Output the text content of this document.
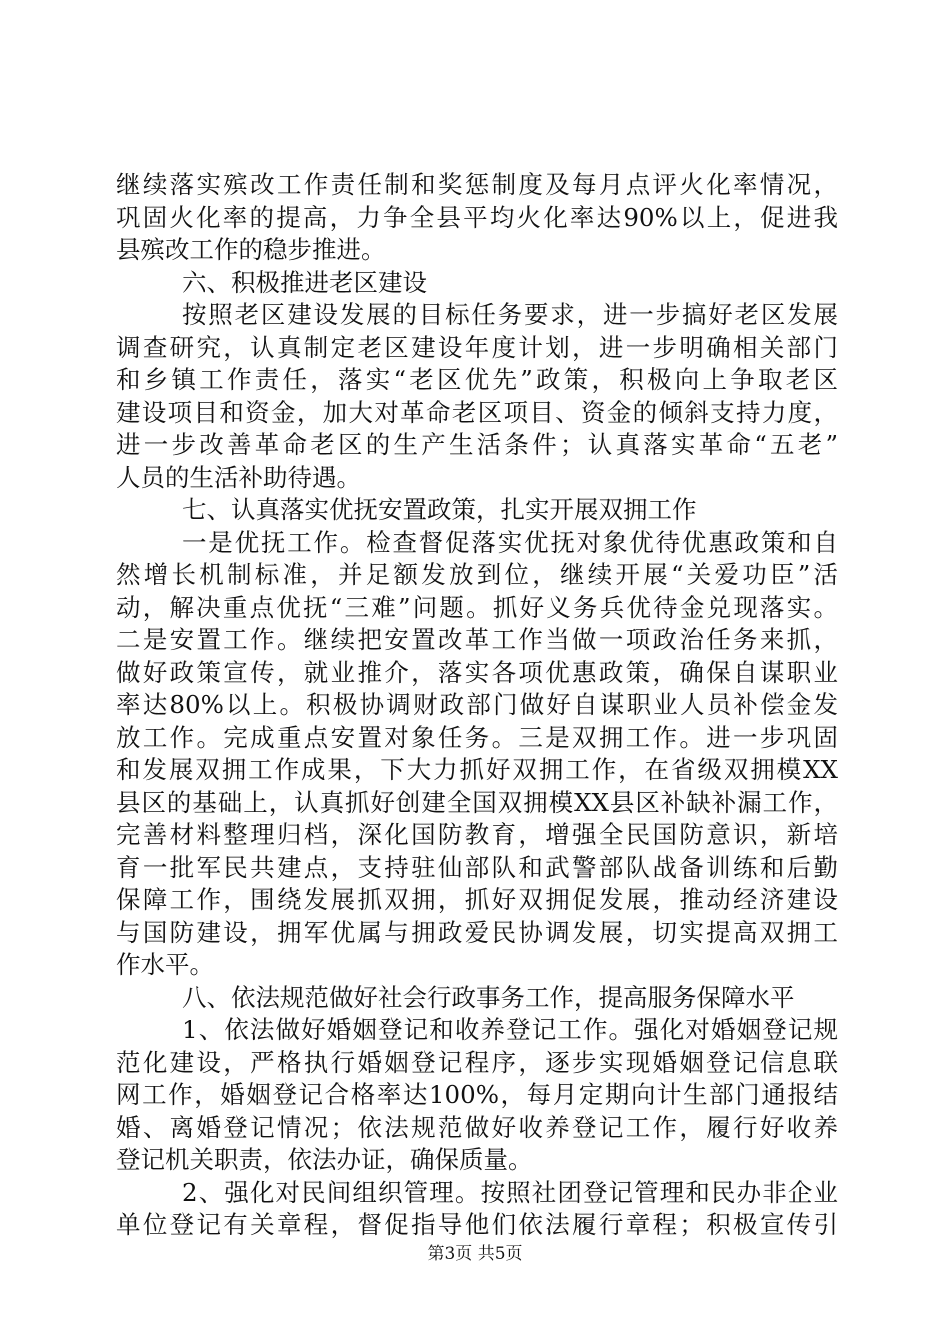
继续落实殡改工作责任制和奖惩制度及每月点评火化率情况，
巩固火化率的提高，力争全县平均火化率达90%以上，促进我
县殡改工作的稳步推进。
六、积极推进老区建设
按照老区建设发展的目标任务要求，进一步搞好老区发展
调查研究，认真制定老区建设年度计划，进一步明确相关部门
和乡镇工作责任，落实“老区优先”政策，积极向上争取老区
建设项目和资金，加大对革命老区项目、资金的倾斜支持力度，
进一步改善革命老区的生产生活条件；认真落实革命“五老”
人员的生活补助待遇。
七、认真落实优抚安置政策，扎实开展双拥工作
一是优抚工作。检查督促落实优抚对象优待优惠政策和自
然增长机制标准，并足额发放到位，继续开展“关爱功臣”活
动，解决重点优抚“三难”问题。抓好义务兵优待金兑现落实。
二是安置工作。继续把安置改革工作当做一项政治任务来抓，
做好政策宣传，就业推介，落实各项优惠政策，确保自谋职业
率达80%以上。积极协调财政部门做好自谋职业人员补偿金发
放工作。完成重点安置对象任务。三是双拥工作。进一步巩固
和发展双拥工作成果，下大力抓好双拥工作，在省级双拥模XX
县区的基础上，认真抓好创建全国双拥模XX县区补缺补漏工作，
完善材料整理归档，深化国防教育，增强全民国防意识，新培
育一批军民共建点，支持驻仙部队和武警部队战备训练和后勤
保障工作，围绕发展抓双拥，抓好双拥促发展，推动经济建设
与国防建设，拥军优属与拥政爱民协调发展，切实提高双拥工
作水平。
八、依法规范做好社会行政事务工作，提高服务保障水平
1、依法做好婚姻登记和收养登记工作。强化对婚姻登记规
范化建设，严格执行婚姻登记程序，逐步实现婚姻登记信息联
网工作，婚姻登记合格率达100%，每月定期向计生部门通报结
婚、离婚登记情况；依法规范做好收养登记工作，履行好收养
登记机关职责，依法办证，确保质量。
2、强化对民间组织管理。按照社团登记管理和民办非企业
单位登记有关章程，督促指导他们依法履行章程；积极宣传引
第3页 共5页
